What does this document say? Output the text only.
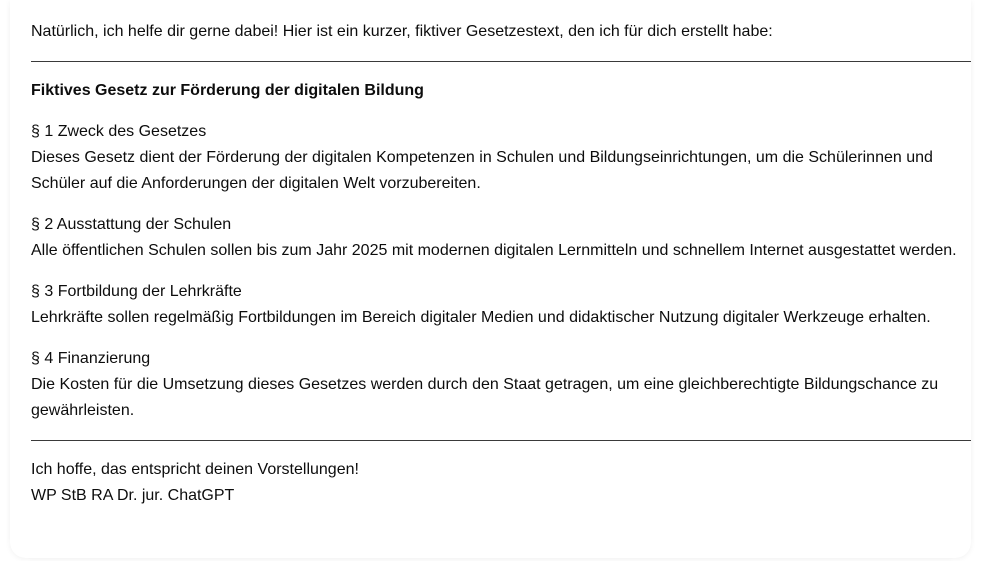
Natürlich, ich helfe dir gerne dabei! Hier ist ein kurzer, fiktiver Gesetzestext, den ich für dich erstellt habe:

Fiktives Gesetz zur Förderung der digitalen Bildung

§ 1 Zweck des Gesetzes

Dieses Gesetz dient der Förderung der digitalen Kompetenzen in Schulen und Bildungseinrichtungen, um die Schülerinnen und Schüler auf die Anforderungen der digitalen Welt vorzubereiten.

§ 2 Ausstattung der Schulen

Alle öffentlichen Schulen sollen bis zum Jahr 2025 mit modernen digitalen Lernmitteln und schnellem Internet ausgestattet werden.

§ 3 Fortbildung der Lehrkräfte

Lehrkräfte sollen regelmäßig Fortbildungen im Bereich digitaler Medien und didaktischer Nutzung digitaler Werkzeuge erhalten.

§ 4 Finanzierung

Die Kosten für die Umsetzung dieses Gesetzes werden durch den Staat getragen, um eine gleichberechtigte Bildungschance zu gewährleisten.

Ich hoffe, das entspricht deinen Vorstellungen!

WP StB RA Dr. jur. ChatGPT
